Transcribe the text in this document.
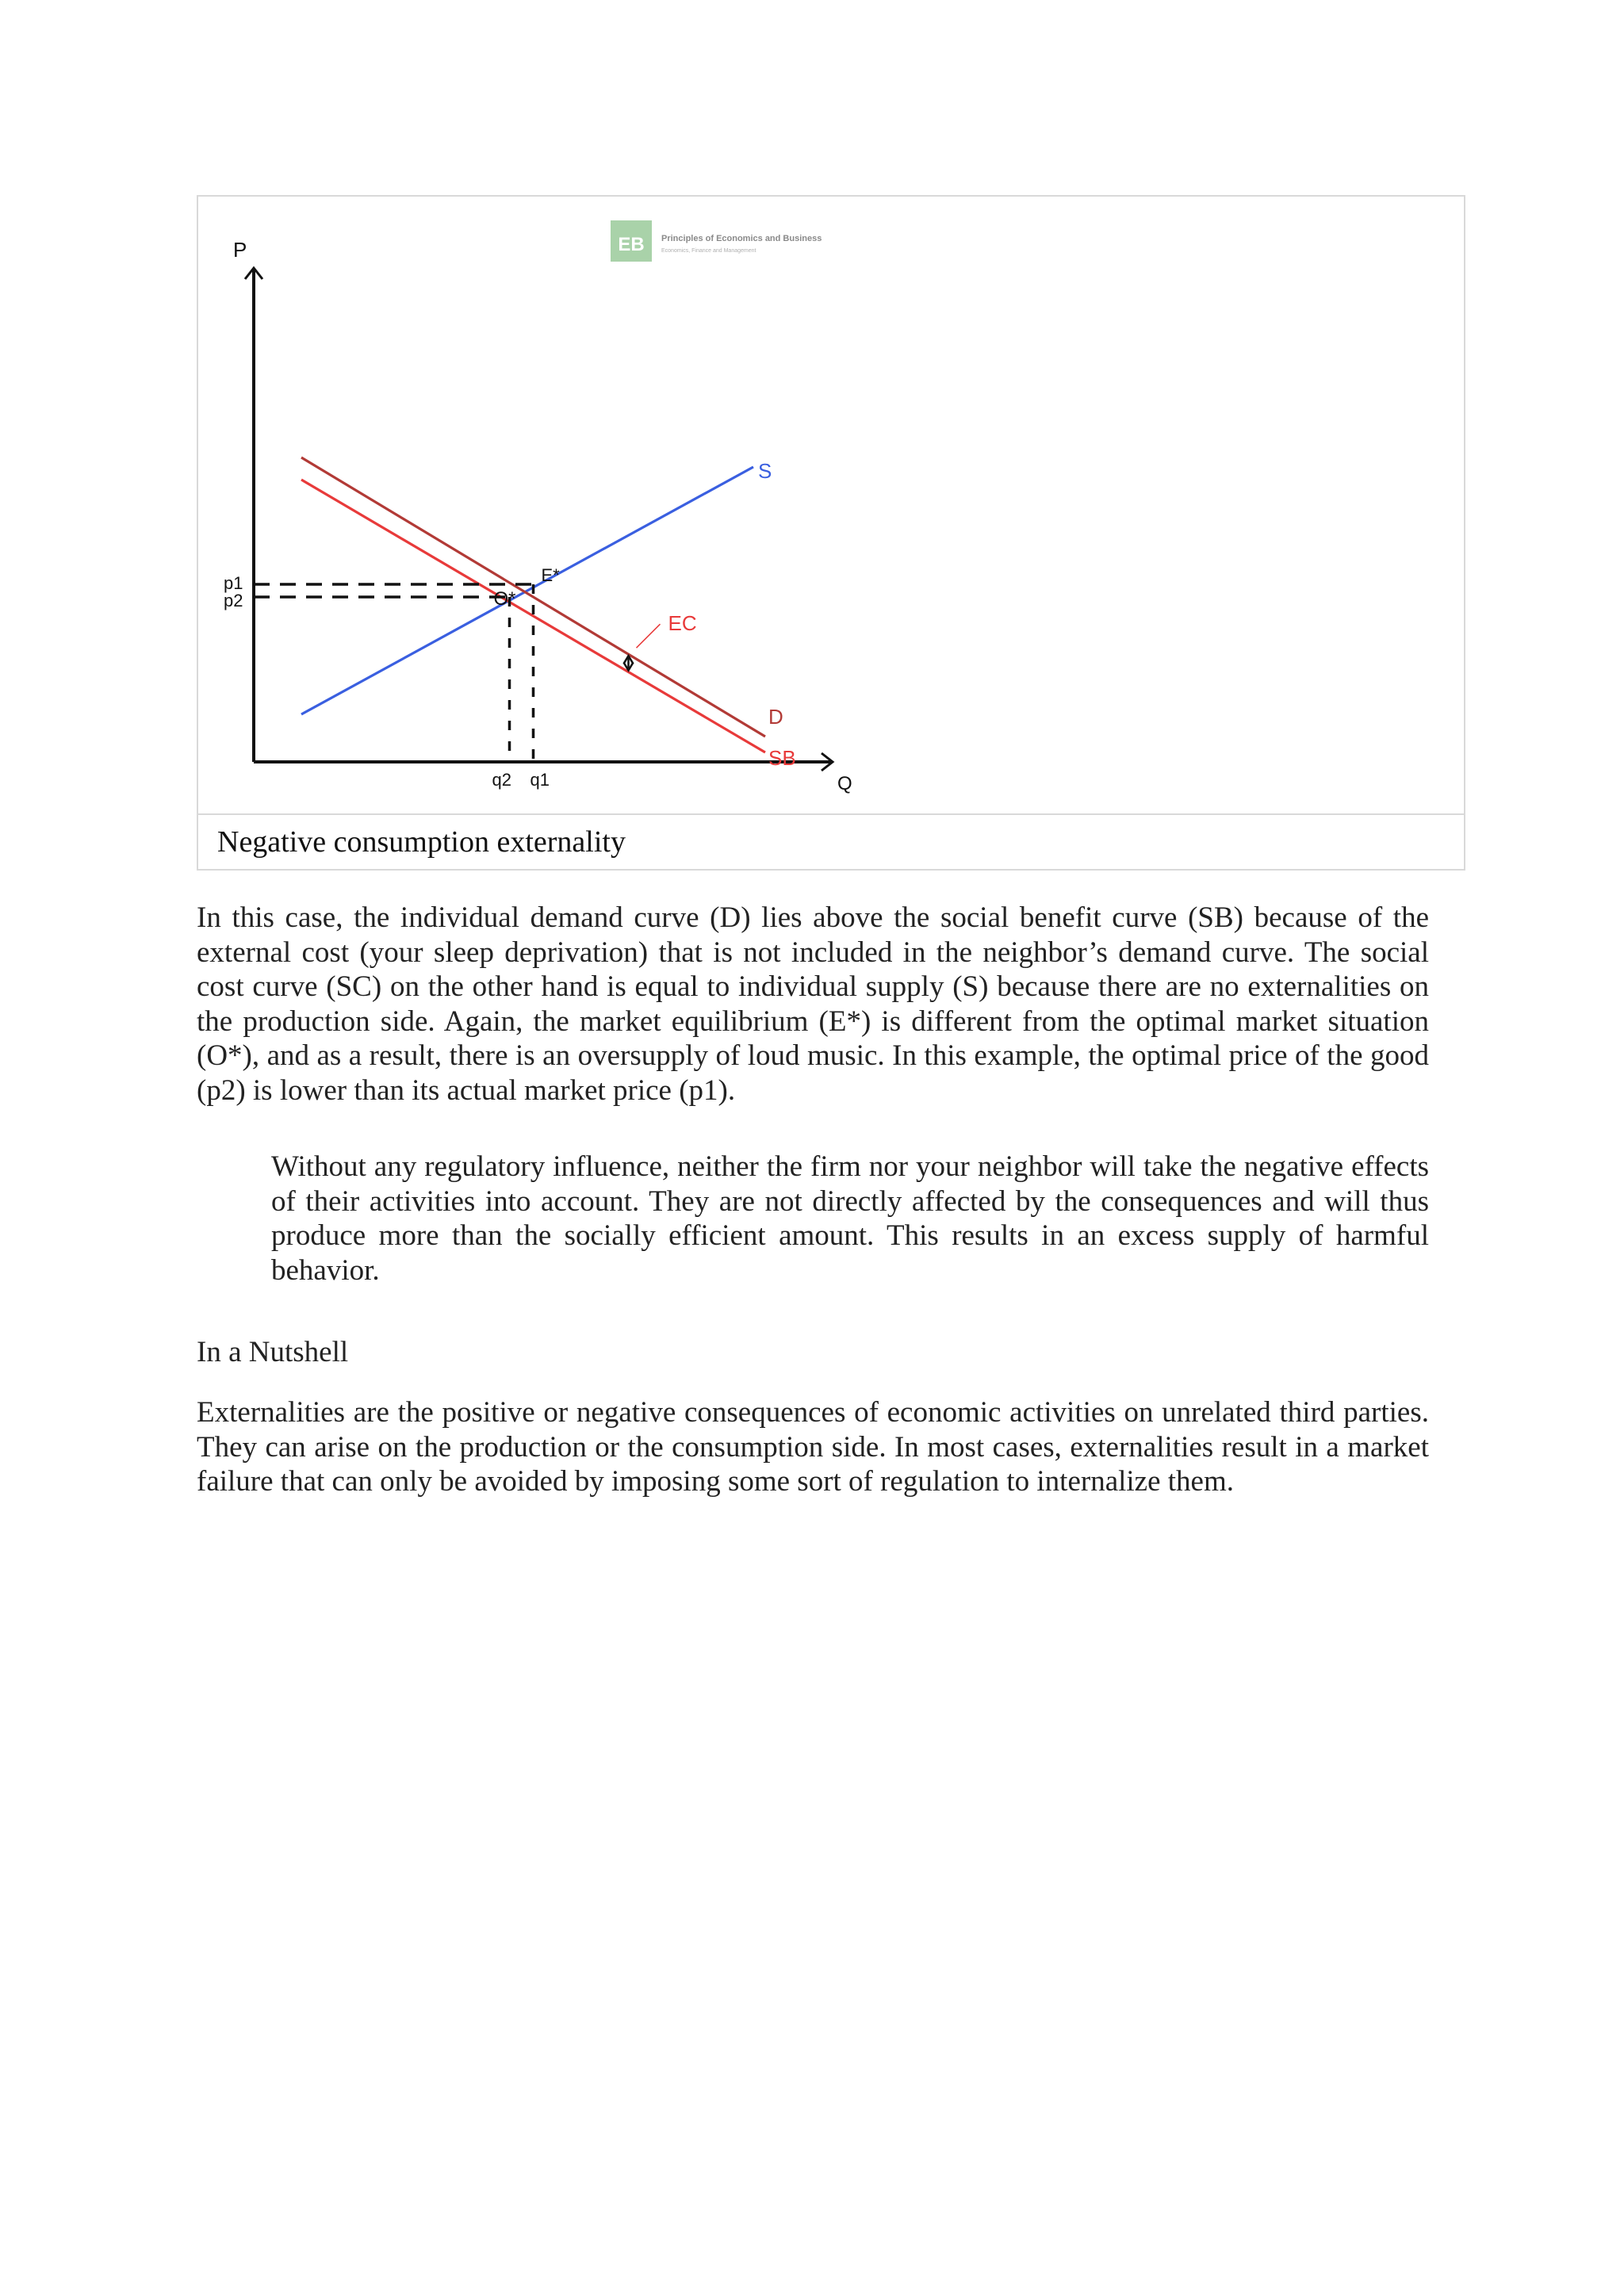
EB Principles of Economics and Business
Economics, Finance and Management
P
Q
S
D
SB
O*
E*
p1
p2
q2 q1
EC
Negative consumption externality

In this case, the individual demand curve (D) lies above the social benefit curve (SB) because of the external cost (your sleep deprivation) that is not included in the neighbor’s demand curve. The social cost curve (SC) on the other hand is equal to individual supply (S) because there are no externalities on the production side. Again, the market equilibrium (E*) is different from the optimal market situation (O*), and as a result, there is an oversupply of loud music. In this example, the optimal price of the good (p2) is lower than its actual market price (p1).

Without any regulatory influence, neither the firm nor your neighbor will take the negative effects of their activities into account. They are not directly affected by the consequences and will thus produce more than the socially efficient amount. This results in an excess supply of harmful behavior.

In a Nutshell

Externalities are the positive or negative consequences of economic activities on unrelated third parties. They can arise on the production or the consumption side. In most cases, externalities result in a market failure that can only be avoided by imposing some sort of regulation to internalize them.
